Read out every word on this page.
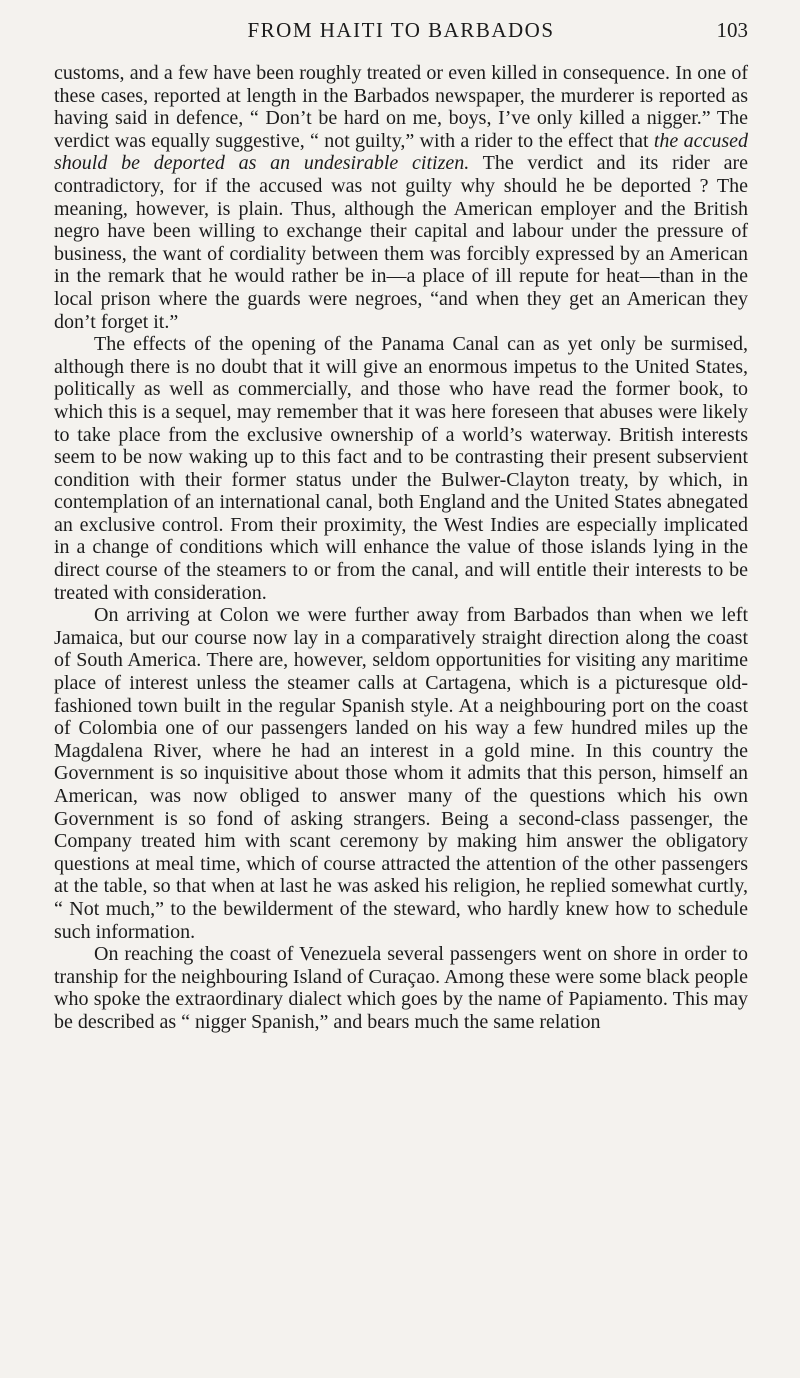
FROM HAITI TO BARBADOS	103

customs, and a few have been roughly treated or even killed in consequence. In one of these cases, reported at length in the Barbados newspaper, the murderer is reported as having said in defence, “ Don’t be hard on me, boys, I’ve only killed a nigger.” The verdict was equally suggestive, “ not guilty,” with a rider to the effect that the accused should be deported as an undesirable citizen. The verdict and its rider are contradictory, for if the accused was not guilty why should he be deported ? The meaning, however, is plain. Thus, although the American employer and the British negro have been willing to exchange their capital and labour under the pressure of business, the want of cordiality between them was forcibly expressed by an American in the remark that he would rather be in—a place of ill repute for heat—than in the local prison where the guards were negroes, “and when they get an American they don’t forget it.”

The effects of the opening of the Panama Canal can as yet only be surmised, although there is no doubt that it will give an enormous impetus to the United States, politically as well as commercially, and those who have read the former book, to which this is a sequel, may remember that it was here foreseen that abuses were likely to take place from the exclusive ownership of a world’s waterway. British interests seem to be now waking up to this fact and to be contrasting their present subservient condition with their former status under the Bulwer-Clayton treaty, by which, in contemplation of an international canal, both England and the United States abnegated an exclusive control. From their proximity, the West Indies are especially implicated in a change of conditions which will enhance the value of those islands lying in the direct course of the steamers to or from the canal, and will entitle their interests to be treated with consideration.

On arriving at Colon we were further away from Barbados than when we left Jamaica, but our course now lay in a comparatively straight direction along the coast of South America. There are, however, seldom opportunities for visiting any maritime place of interest unless the steamer calls at Cartagena, which is a picturesque old-fashioned town built in the regular Spanish style. At a neighbouring port on the coast of Colombia one of our passengers landed on his way a few hundred miles up the Magdalena River, where he had an interest in a gold mine. In this country the Government is so inquisitive about those whom it admits that this person, himself an American, was now obliged to answer many of the questions which his own Government is so fond of asking strangers. Being a second-class passenger, the Company treated him with scant ceremony by making him answer the obligatory questions at meal time, which of course attracted the attention of the other passengers at the table, so that when at last he was asked his religion, he replied somewhat curtly, “ Not much,” to the bewilderment of the steward, who hardly knew how to schedule such information.

On reaching the coast of Venezuela several passengers went on shore in order to tranship for the neighbouring Island of Curaçao. Among these were some black people who spoke the extraordinary dialect which goes by the name of Papiamento. This may be described as “ nigger Spanish,” and bears much the same relation
